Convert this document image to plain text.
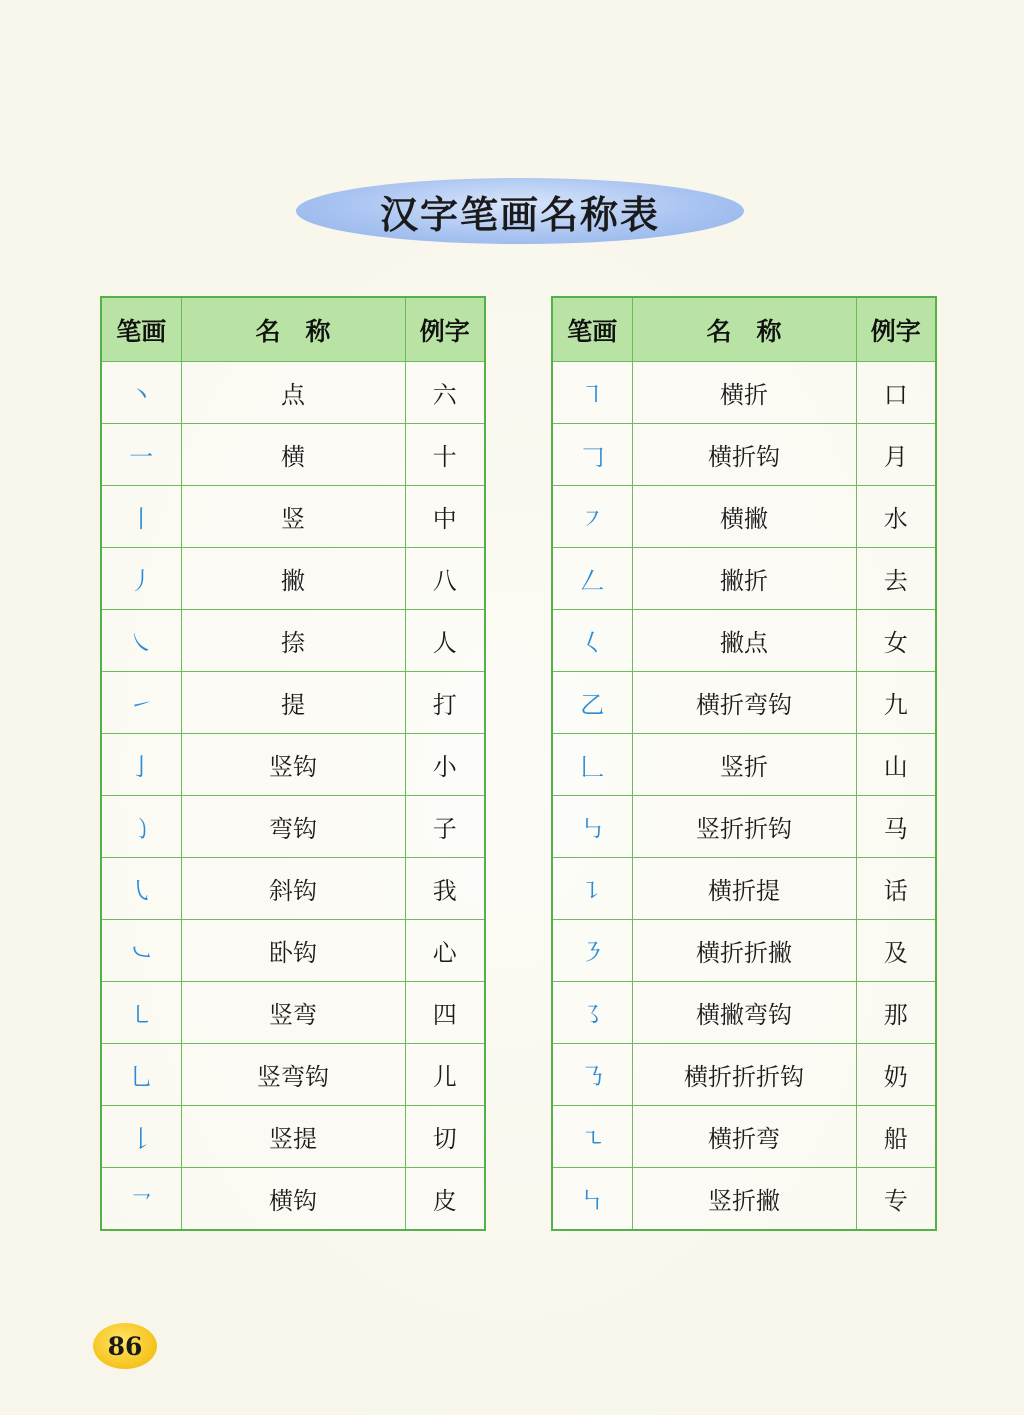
汉字笔画名称表
笔画	名　称	例字
丶	点	六
一	横	十
丨	竖	中
丿	撇	八
㇏	捺	人
㇀	提	打
亅	竖钩	小
㇁	弯钩	子
㇂	斜钩	我
㇃	卧钩	心
㇄	竖弯	四
乚	竖弯钩	儿
𠄌	竖提	切
㇖	横钩	皮
笔画	名　称	例字
㇕	横折	口
𠃌	横折钩	月
㇇	横撇	水
𠃋	撇折	去
𡿨	撇点	女
乙	横折弯钩	九
𠃊	竖折	山
㇉	竖折折钩	马
㇊	横折提	话
㇋	横折折撇	及
㇌	横撇弯钩	那
㇡	横折折折钩	奶
㇍	横折弯	船
㇞	竖折撇	专
86
